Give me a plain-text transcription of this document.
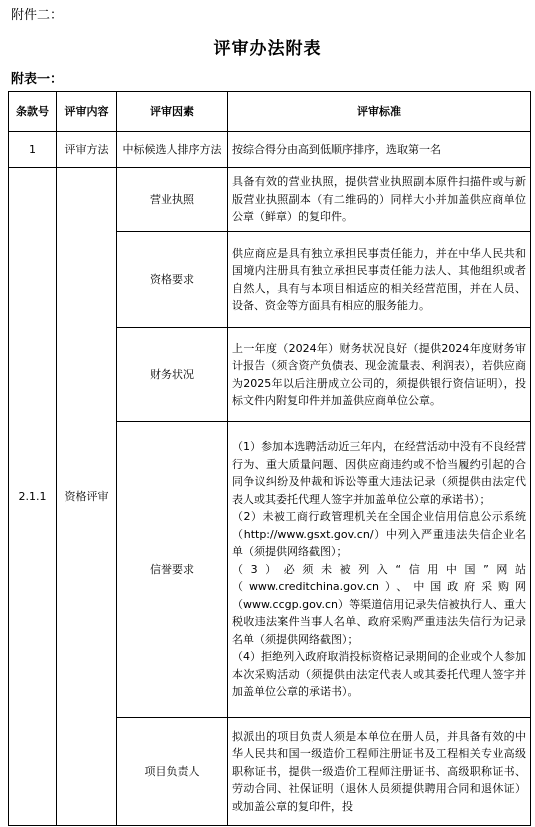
附件二：
评审办法附表
附表一：
条款号	评审内容	评审因素	评审标准
1	评审方法	中标候选人排序方法	按综合得分由高到低顺序排序，选取第一名
2.1.1	资格评审	营业执照	具备有效的营业执照，提供营业执照副本原件扫描件或与新版营业执照副本（有二维码的）同样大小并加盖供应商单位公章（鲜章）的复印件。

		资格要求	供应商应是具有独立承担民事责任能力，并在中华人民共和国境内注册具有独立承担民事责任能力法人、其他组织或者自然人，具有与本项目相适应的相关经营范围，并在人员、设备、资金等方面具有相应的服务能力。

		财务状况	上一年度（2024年）财务状况良好（提供2024年度财务审计报告（须含资产负债表、现金流量表、利润表），若供应商为2025年以后注册成立公司的，须提供银行资信证明），投标文件内附复印件并加盖供应商单位公章。

		信誉要求	（1）参加本选聘活动近三年内，在经营活动中没有不良经营行为、重大质量问题、因供应商违约或不恰当履约引起的合同争议纠纷及仲裁和诉讼等重大违法记录（须提供由法定代表人或其委托代理人签字并加盖单位公章的承诺书）；

（2）未被工商行政管理机关在全国企业信用信息公示系统（http://www.gsxt.gov.cn/）中列入严重违法失信企业名单（须提供网络截图）；

（3）必须未被列入“信用中国”网站（www.creditchina.gov.cn）、中国政府采购网（www.ccgp.gov.cn）等渠道信用记录失信被执行人、重大税收违法案件当事人名单、政府采购严重违法失信行为记录名单（须提供网络截图）；

（4）拒绝列入政府取消投标资格记录期间的企业或个人参加本次采购活动（须提供由法定代表人或其委托代理人签字并加盖单位公章的承诺书）。

		项目负责人	拟派出的项目负责人须是本单位在册人员，并具备有效的中华人民共和国一级造价工程师注册证书及工程相关专业高级职称证书，提供一级造价工程师注册证书、高级职称证书、劳动合同、社保证明（退休人员须提供聘用合同和退休证）或加盖公章的复印件，投
